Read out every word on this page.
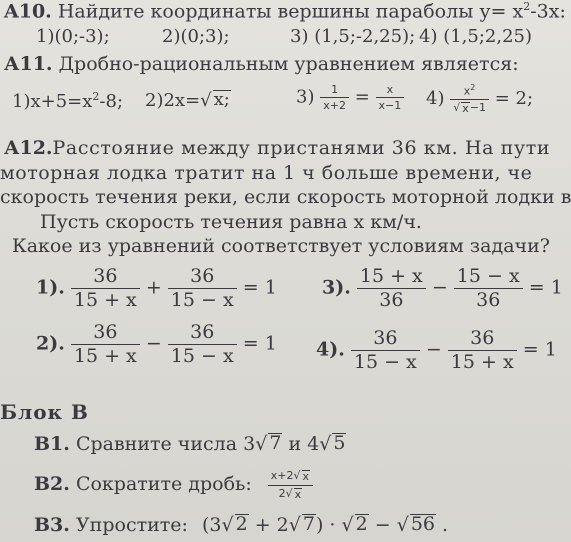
A10. Найдите координаты вершины параболы $у= х^2-3х$:
1)(0;-3);	2)(0;3);	3) (1,5;-2,25); 4) (1,5;2,25)
А11. Дробно-рациональным уравнением является:
$1)х+5=х^2-8$; 2)2х=√ х;	$3) \frac{1}{х+2} = \frac{х}{х-1} 4) \frac{х^2}{√ х -1} = 2$;
А12.Расстояние между пристанями 36 км. На пути
моторная лодка тратит на 1 ч больше времени, че
скорость течения реки, если скорость моторной лодки в
Пусть скорость течения равна х км/ч.
Какое из уравнений соответствует условиям задачи?
1). $\frac{36}{15 + x} + \frac{36}{15 - x} = 1$ 3). $\frac{15 + x}{36} - \frac{15 - x}{36} = 1$
2). $\frac{36}{15 + x} - \frac{36}{15 - x} = 1$ 4). $\frac{36}{15 - x} - \frac{36}{15 + x} = 1$
Блок В
В1. Сравните числа 3√ 7 и 4√ 5
В2. Сократите дробь: $\frac{х+2√ х}{2√ х}$
В3. Упростите: (3√ 2 + 2√ 7 ) · √ 2 − √ 56 .
